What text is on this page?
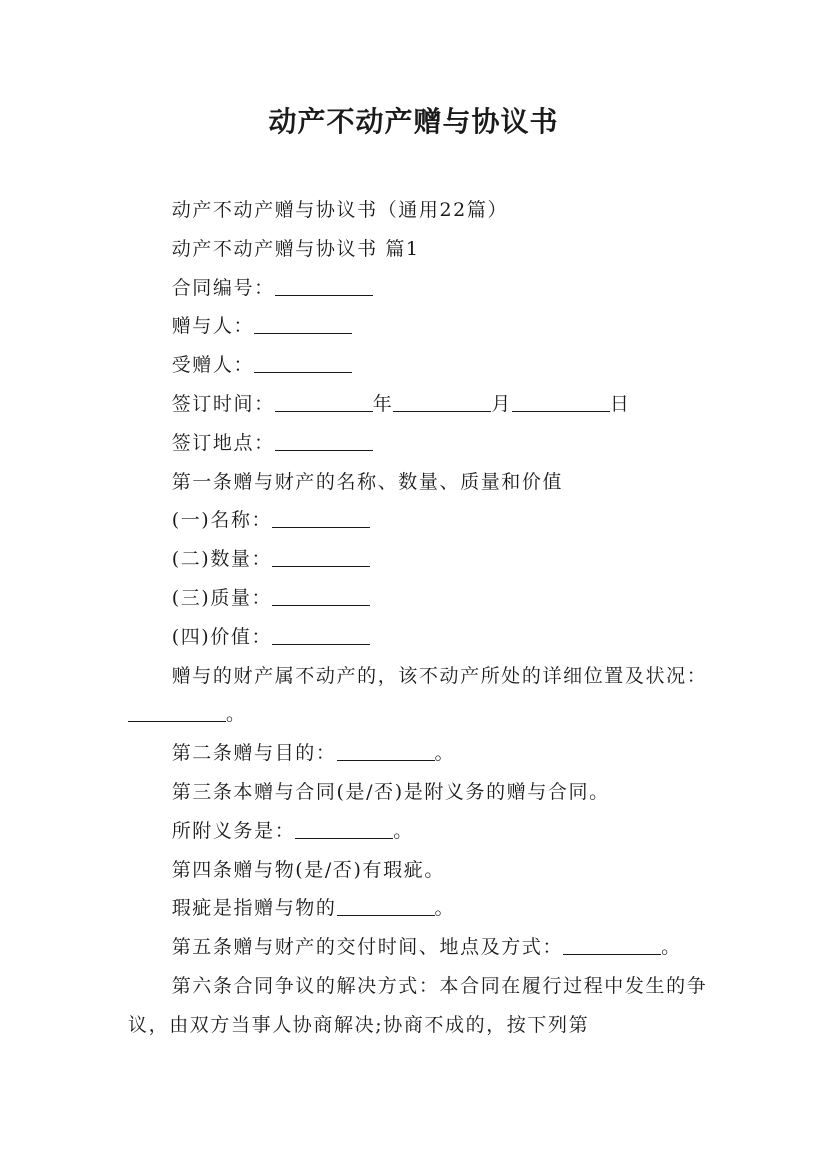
动产不动产赠与协议书

动产不动产赠与协议书（通用22篇）

动产不动产赠与协议书 篇1

合同编号：

赠与人：

受赠人：

签订时间：	年	月	日

签订地点：

第一条赠与财产的名称、数量、质量和价值

(一)名称：

(二)数量：

(三)质量：

(四)价值：

赠与的财产属不动产的，该不动产所处的详细位置及状况：。

第二条赠与目的：	。

第三条本赠与合同(是/否)是附义务的赠与合同。

所附义务是：	。

第四条赠与物(是/否)有瑕疵。

瑕疵是指赠与物的	。

第五条赠与财产的交付时间、地点及方式：	。

第六条合同争议的解决方式：本合同在履行过程中发生的争议，由双方当事人协商解决;协商不成的，按下列第
